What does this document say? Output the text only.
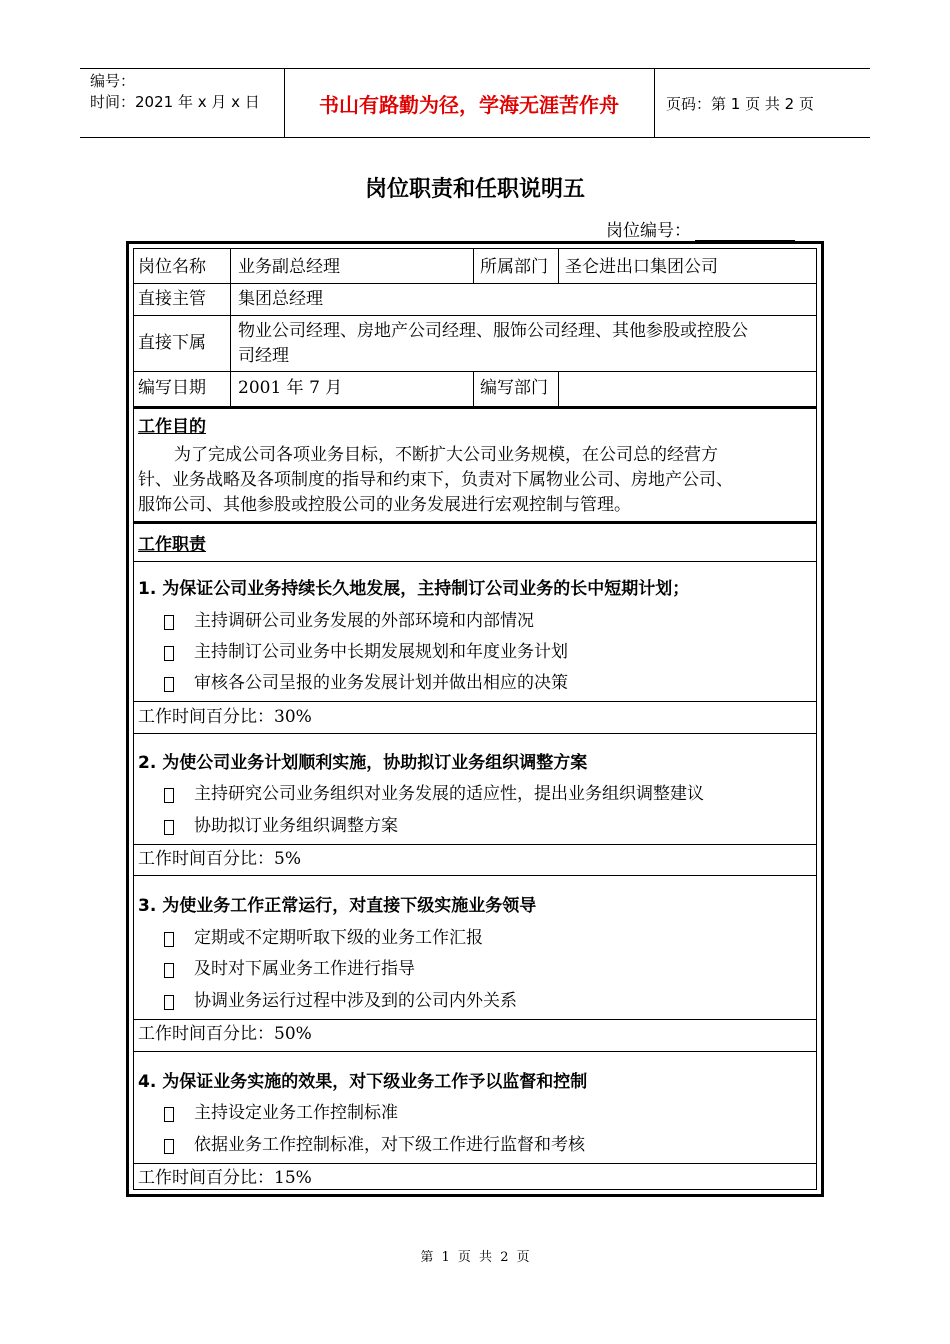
编号：
时间：2021 年 x 月 x 日	书山有路勤为径，学海无涯苦作舟	页码：第 1 页 共 2 页
岗位职责和任职说明五
岗位编号：
岗位名称 业务副总经理	所属部门 圣仑进出口集团公司
直接主管 集团总经理
直接下属
物业公司经理、房地产公司经理、服饰公司经理、其他参股或控股公
司经理
编写日期 2001 年 7 月	编写部门
工作目的
为了完成公司各项业务目标，不断扩大公司业务规模，在公司总的经营方
针、业务战略及各项制度的指导和约束下，负责对下属物业公司、房地产公司、
服饰公司、其他参股或控股公司的业务发展进行宏观控制与管理。
工作职责
1. 为保证公司业务持续长久地发展，主持制订公司业务的长中短期计划；
主持调研公司业务发展的外部环境和内部情况
主持制订公司业务中长期发展规划和年度业务计划
审核各公司呈报的业务发展计划并做出相应的决策
工作时间百分比：30%
2. 为使公司业务计划顺利实施，协助拟订业务组织调整方案
主持研究公司业务组织对业务发展的适应性，提出业务组织调整建议
协助拟订业务组织调整方案
工作时间百分比：5%
3. 为使业务工作正常运行，对直接下级实施业务领导
定期或不定期听取下级的业务工作汇报
及时对下属业务工作进行指导
协调业务运行过程中涉及到的公司内外关系
工作时间百分比：50%
4. 为保证业务实施的效果，对下级业务工作予以监督和控制
主持设定业务工作控制标准
依据业务工作控制标准，对下级工作进行监督和考核
工作时间百分比：15%
第 1 页 共 2 页
